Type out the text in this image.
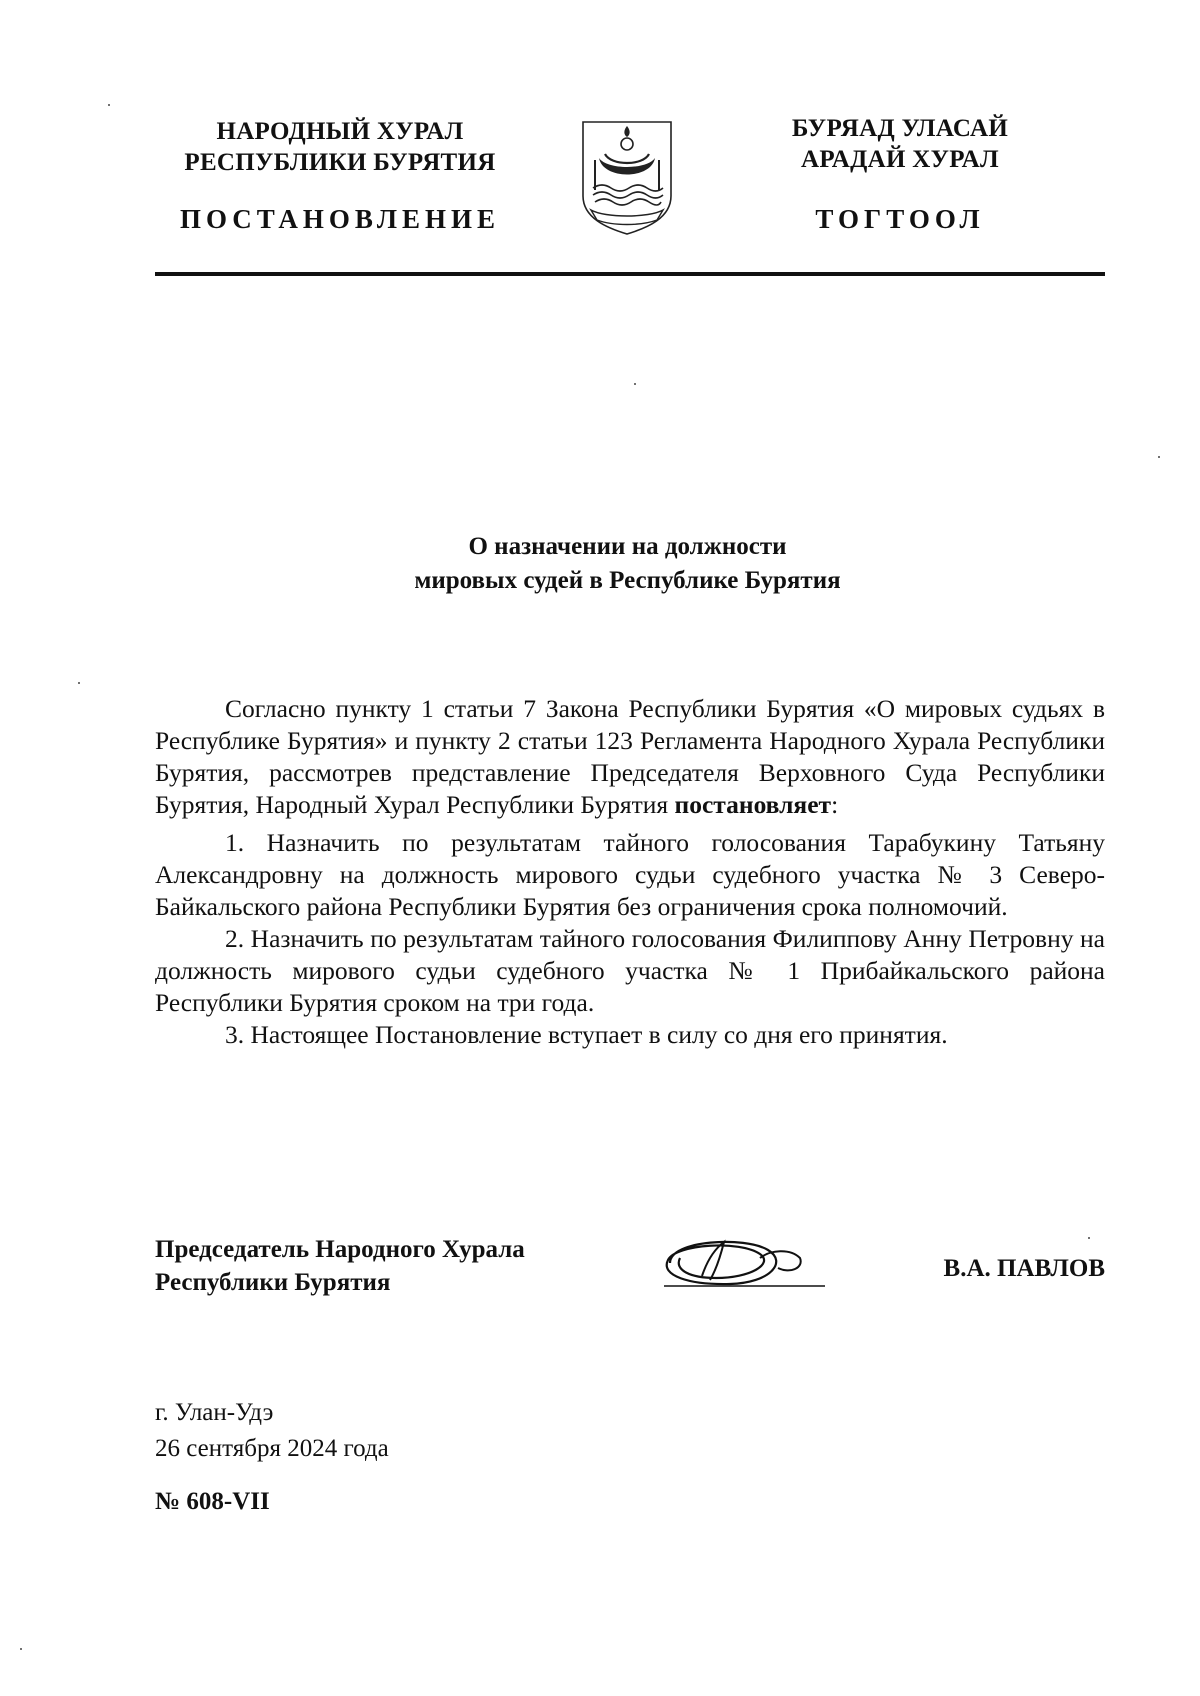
НАРОДНЫЙ ХУРАЛ
РЕСПУБЛИКИ БУРЯТИЯ
ПОСТАНОВЛЕНИЕ
БУРЯАД УЛАСАЙ
АРАДАЙ ХУРАЛ
ТОГТООЛ
О назначении на должности
мировых судей в Республике Бурятия

Согласно пункту 1 статьи 7 Закона Республики Бурятия «О мировых судьях в Республике Бурятия» и пункту 2 статьи 123 Регламента Народного Хурала Республики Бурятия, рассмотрев представление Председателя Верховного Суда Республики Бурятия, Народный Хурал Республики Бурятия постановляет:

1. Назначить по результатам тайного голосования Тарабукину Татьяну Александровну на должность мирового судьи судебного участка № 3 Северо-Байкальского района Республики Бурятия без ограничения срока полномочий.

2. Назначить по результатам тайного голосования Филиппову Анну Петровну на должность мирового судьи судебного участка № 1 Прибайкальского района Республики Бурятия сроком на три года.

3. Настоящее Постановление вступает в силу со дня его принятия.

Председатель Народного Хурала
Республики Бурятия
В.А. ПАВЛОВ
г. Улан-Удэ
26 сентября 2024 года
№ 608-VII
